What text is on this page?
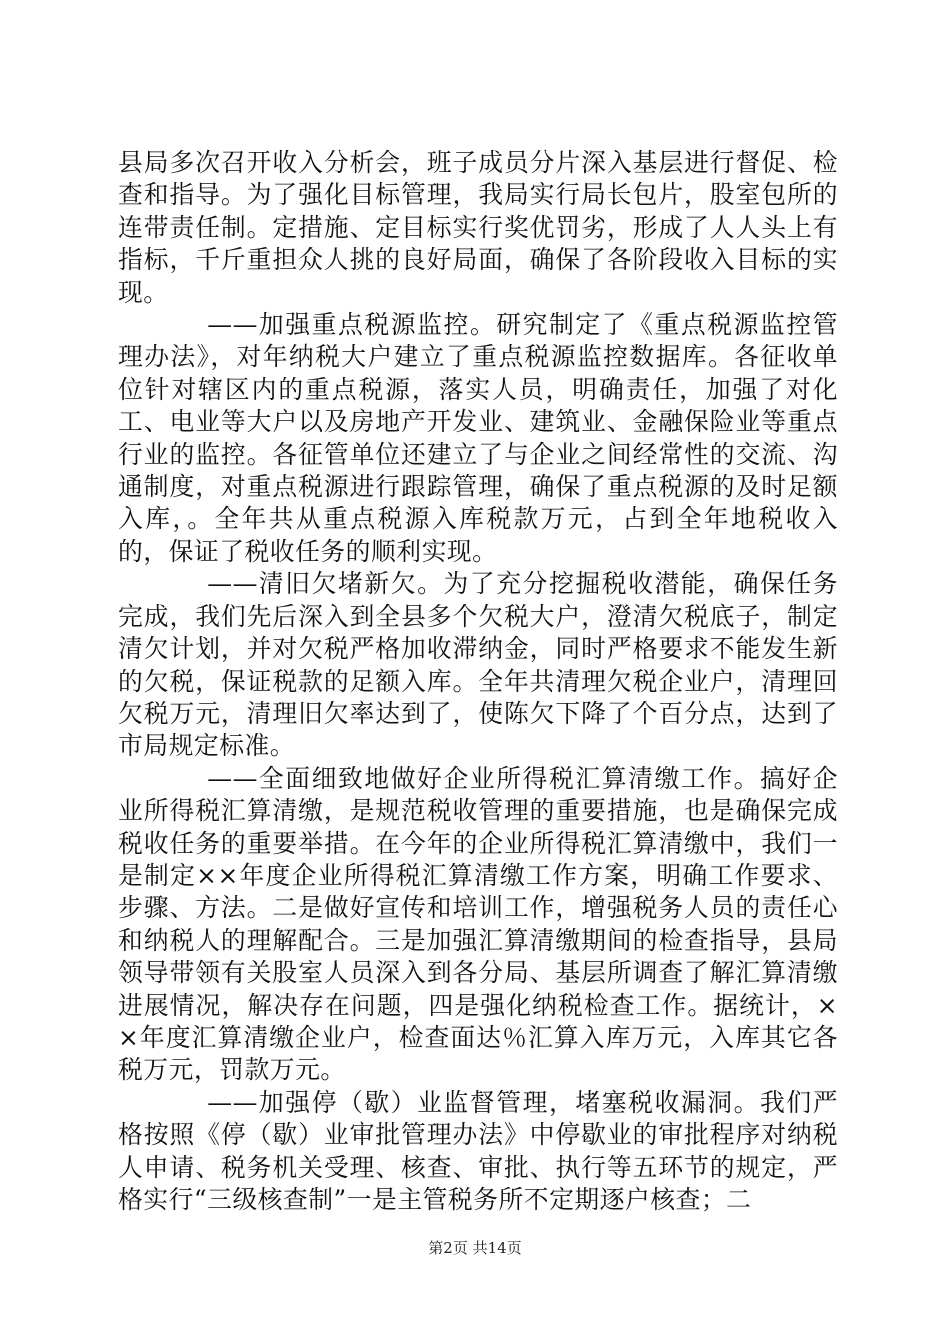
县局多次召开收入分析会，班子成员分片深入基层进行督促、检查和指导。为了强化目标管理，我局实行局长包片，股室包所的连带责任制。定措施、定目标实行奖优罚劣，形成了人人头上有指标，千斤重担众人挑的良好局面，确保了各阶段收入目标的实现。

——加强重点税源监控。研究制定了《重点税源监控管理办法》，对年纳税大户建立了重点税源监控数据库。各征收单位针对辖区内的重点税源，落实人员，明确责任，加强了对化工、电业等大户以及房地产开发业、建筑业、金融保险业等重点行业的监控。各征管单位还建立了与企业之间经常性的交流、沟通制度，对重点税源进行跟踪管理，确保了重点税源的及时足额入库，。全年共从重点税源入库税款万元，占到全年地税收入的，保证了税收任务的顺利实现。

——清旧欠堵新欠。为了充分挖掘税收潜能，确保任务完成，我们先后深入到全县多个欠税大户，澄清欠税底子，制定清欠计划，并对欠税严格加收滞纳金，同时严格要求不能发生新的欠税，保证税款的足额入库。全年共清理欠税企业户，清理回欠税万元，清理旧欠率达到了，使陈欠下降了个百分点，达到了市局规定标准。

——全面细致地做好企业所得税汇算清缴工作。搞好企业所得税汇算清缴，是规范税收管理的重要措施，也是确保完成税收任务的重要举措。在今年的企业所得税汇算清缴中，我们一是制定××年度企业所得税汇算清缴工作方案，明确工作要求、步骤、方法。二是做好宣传和培训工作，增强税务人员的责任心和纳税人的理解配合。三是加强汇算清缴期间的检查指导，县局领导带领有关股室人员深入到各分局、基层所调查了解汇算清缴进展情况，解决存在问题，四是强化纳税检查工作。据统计，××年度汇算清缴企业户，检查面达％汇算入库万元，入库其它各税万元，罚款万元。

——加强停（歇）业监督管理，堵塞税收漏洞。我们严格按照《停（歇）业审批管理办法》中停歇业的审批程序对纳税人申请、税务机关受理、核查、审批、执行等五环节的规定，严格实行“三级核查制”一是主管税务所不定期逐户核查；二

第2页 共14页
